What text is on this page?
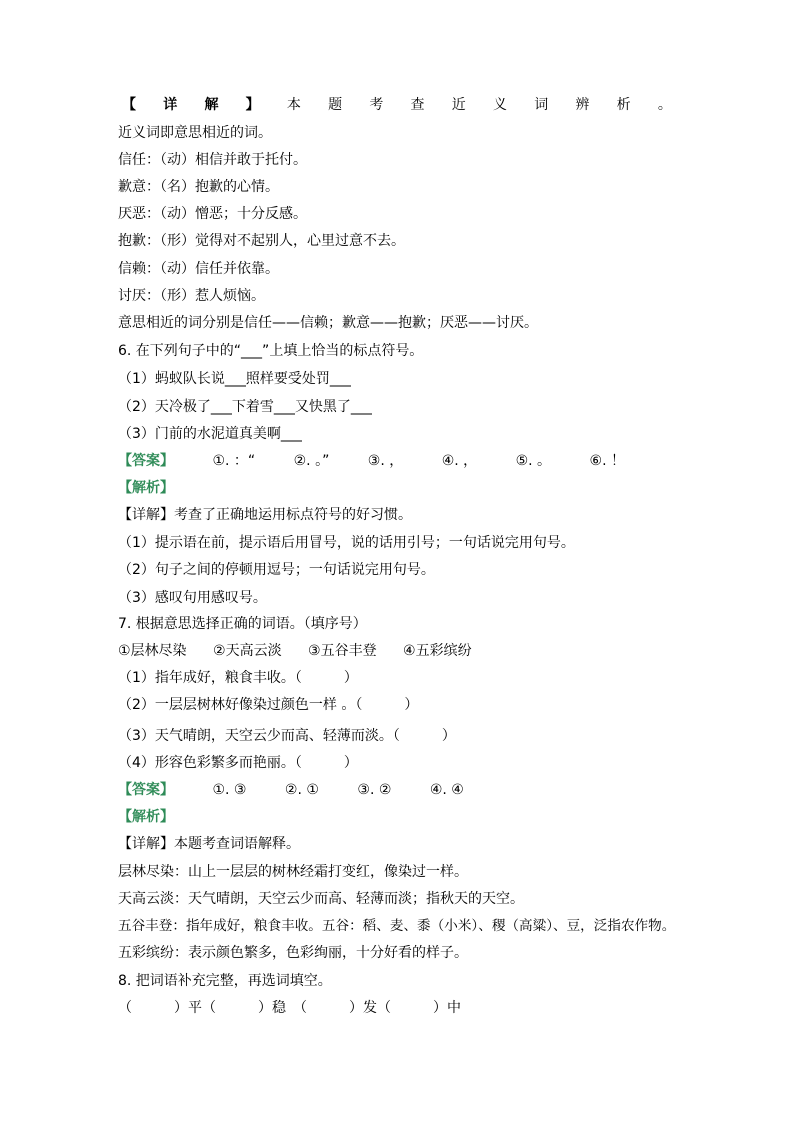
【 详 解 】 本 题 考 查 近 义 词 辨 析 。
近义词即意思相近的词。
信任：（动）相信并敢于托付。
歉意：（名）抱歉的心情。
厌恶：（动）憎恶；十分反感。
抱歉：（形）觉得对不起别人，心里过意不去。
信赖：（动）信任并依靠。
讨厌：（形）惹人烦恼。
意思相近的词分别是信任——信赖；歉意——抱歉；厌恶——讨厌。
6. 在下列句子中的“___”上填上恰当的标点符号。
（1）蚂蚁队长说___照样要受处罚___
（2）天冷极了___下着雪___又快黑了___
（3）门前的水泥道真美啊___
【答案】	①. ：“	②. 。”	③. ，	④. ，	⑤. 。	⑥. ！
【解析】
【详解】考查了正确地运用标点符号的好习惯。
（1）提示语在前，提示语后用冒号，说的话用引号；一句话说完用句号。
（2）句子之间的停顿用逗号；一句话说完用句号。
（3）感叹句用感叹号。
7. 根据意思选择正确的词语。（填序号）
①层林尽染 ②天高云淡 ③五谷丰登 ④五彩缤纷
（1）指年成好，粮食丰收。（　　　）
（2）一层层树林好像染过颜色一样 。（　　　）
（3）天气晴朗，天空云少而高、轻薄而淡。（　　　）
（4）形容色彩繁多而艳丽。（　　　）
【答案】	①. ③	②. ①	③. ②	④. ④
【解析】
【详解】本题考查词语解释。
层林尽染：山上一层层的树林经霜打变红，像染过一样。
天高云淡：天气晴朗，天空云少而高、轻薄而淡；指秋天的天空。
五谷丰登：指年成好，粮食丰收。五谷：稻、麦、黍（小米）、稷（高粱）、豆，泛指农作物。
五彩缤纷：表示颜色繁多，色彩绚丽，十分好看的样子。
8. 把词语补充完整，再选词填空。
（　　　）平（　　　）稳　（　　　）发（　　　）中
